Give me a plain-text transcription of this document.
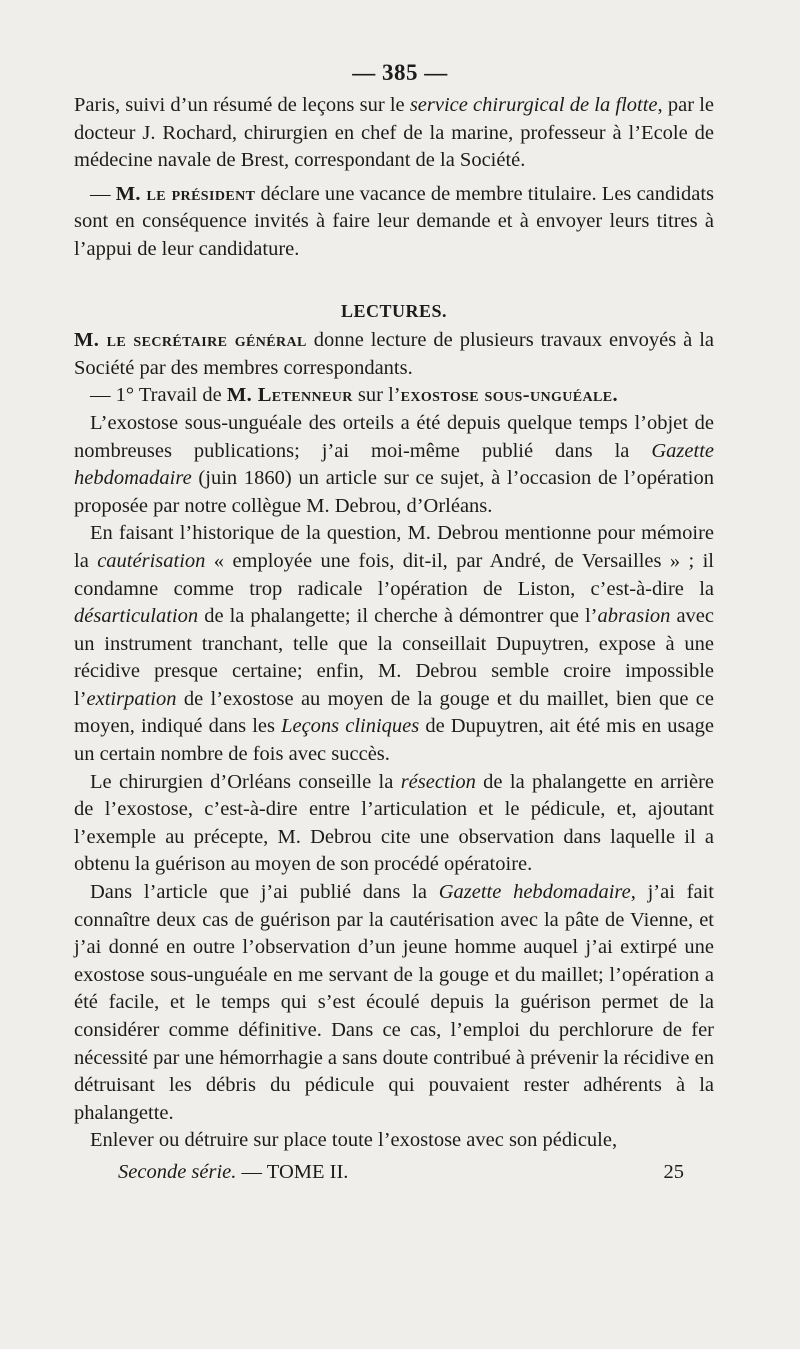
— 385 —

Paris, suivi d’un résumé de leçons sur le service chirurgical de la flotte, par le docteur J. Rochard, chirurgien en chef de la marine, professeur à l’Ecole de médecine navale de Brest, correspondant de la Société.

— M. le président déclare une vacance de membre titulaire. Les candidats sont en conséquence invités à faire leur demande et à envoyer leurs titres à l’appui de leur candidature.

LECTURES.

M. le secrétaire général donne lecture de plusieurs travaux envoyés à la Société par des membres correspondants.

— 1° Travail de M. Letenneur sur l’exostose sous-unguéale.

L’exostose sous-unguéale des orteils a été depuis quelque temps l’objet de nombreuses publications; j’ai moi-même publié dans la Gazette hebdomadaire (juin 1860) un article sur ce sujet, à l’occasion de l’opération proposée par notre collègue M. Debrou, d’Orléans.

En faisant l’historique de la question, M. Debrou mentionne pour mémoire la cautérisation « employée une fois, dit-il, par André, de Versailles » ; il condamne comme trop radicale l’opération de Liston, c’est-à-dire la désarticulation de la phalangette; il cherche à démontrer que l’abrasion avec un instrument tranchant, telle que la conseillait Dupuytren, expose à une récidive presque certaine; enfin, M. Debrou semble croire impossible l’extirpation de l’exostose au moyen de la gouge et du maillet, bien que ce moyen, indiqué dans les Leçons cliniques de Dupuytren, ait été mis en usage un certain nombre de fois avec succès.

Le chirurgien d’Orléans conseille la résection de la phalangette en arrière de l’exostose, c’est-à-dire entre l’articulation et le pédicule, et, ajoutant l’exemple au précepte, M. Debrou cite une observation dans laquelle il a obtenu la guérison au moyen de son procédé opératoire.

Dans l’article que j’ai publié dans la Gazette hebdomadaire, j’ai fait connaître deux cas de guérison par la cautérisation avec la pâte de Vienne, et j’ai donné en outre l’observation d’un jeune homme auquel j’ai extirpé une exostose sous-unguéale en me servant de la gouge et du maillet; l’opération a été facile, et le temps qui s’est écoulé depuis la guérison permet de la considérer comme définitive. Dans ce cas, l’emploi du perchlorure de fer nécessité par une hémorrhagie a sans doute contribué à prévenir la récidive en détruisant les débris du pédicule qui pouvaient rester adhérents à la phalangette.

Enlever ou détruire sur place toute l’exostose avec son pédicule,

Seconde série. — TOME II.	25
